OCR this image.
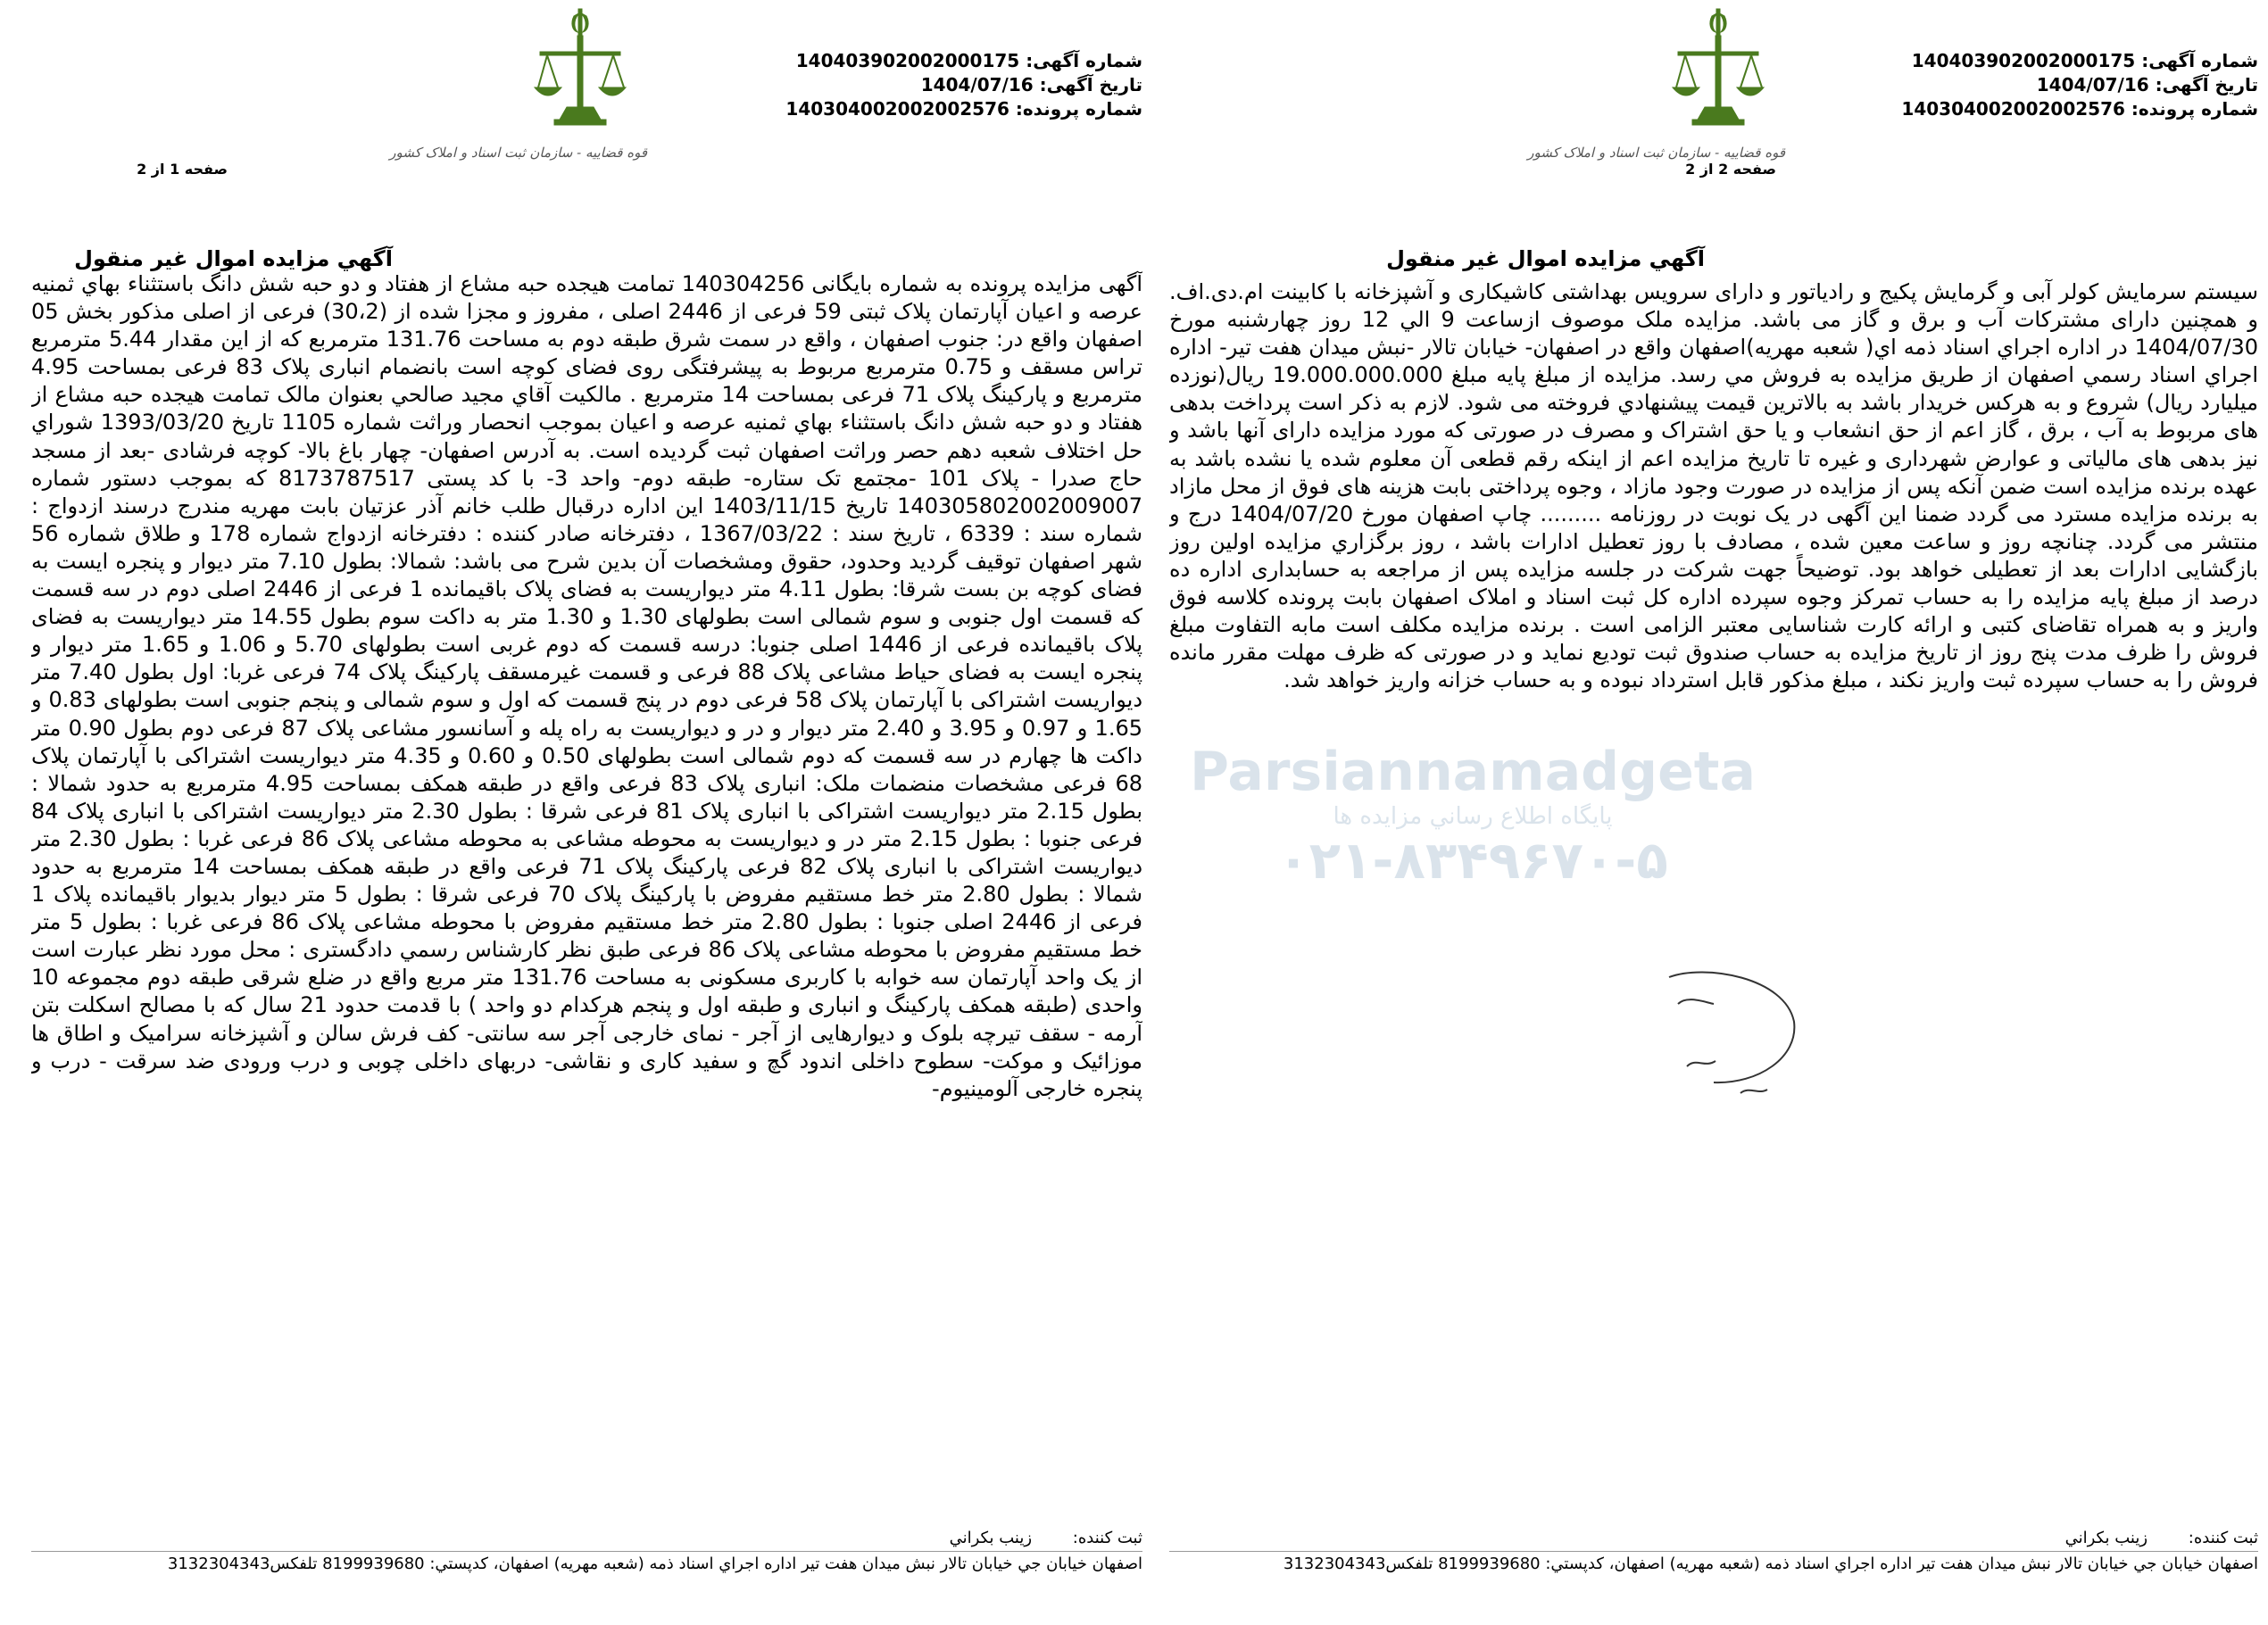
شماره آگهی: 140403902002000175
تاریخ آگهی: 1404/07/16
شماره پرونده: 140304002002002576
قوه قضاییه - سازمان ثبت اسناد و املاک کشور
صفحه 1 از 2
آگهي مزايده اموال غير منقول
آگهی مزایده پرونده به شماره بایگانی 140304256 تمامت هیجده حبه مشاع از هفتاد و دو حبه شش دانگ باستثناء بهاي ثمنيه عرصه و اعيان آپارتمان پلاک ثبتی 59 فرعی از 2446 اصلی ، مفروز و مجزا شده از (30،2) فرعی از اصلی مذکور بخش 05 اصفهان واقع در: جنوب اصفهان ، واقع در سمت شرق طبقه دوم به مساحت 131.76 مترمربع که از این مقدار 5.44 مترمربع تراس مسقف و 0.75 مترمربع مربوط به پیشرفتگی روی فضای کوچه است بانضمام انباری پلاک 83 فرعی بمساحت 4.95 مترمربع و پارکینگ پلاک 71 فرعی بمساحت 14 مترمربع . مالکیت آقاي مجيد صالحي بعنوان مالک تمامت هیجده حبه مشاع از هفتاد و دو حبه شش دانگ باستثناء بهاي ثمنيه عرصه و اعيان بموجب انحصار وراثت شماره 1105 تاريخ 1393/03/20 شوراي حل اختلاف شعبه دهم حصر وراثت اصفهان ثبت گرديده است. به آدرس اصفهان- چهار باغ بالا- کوچه فرشادی -بعد از مسجد حاج صدرا - پلاک 101 -مجتمع تک ستاره- طبقه دوم- واحد 3- با کد پستی 8173787517 که بموجب دستور شماره 140305802002009007 تاریخ 1403/11/15 این اداره درقبال طلب خانم آذر عزتیان بابت مهریه مندرج درسند ازدواج : شماره سند : 6339 ، تاريخ سند : 1367/03/22 ، دفترخانه صادر کننده : دفترخانه ازدواج شماره 178 و طلاق شماره 56 شهر اصفهان توقیف گردید وحدود، حقوق ومشخصات آن بدین شرح می باشد: شمالا: بطول 7.10 متر دیوار و پنجره ایست به فضای کوچه بن بست شرقا: بطول 4.11 متر دیواریست به فضای پلاک باقیمانده 1 فرعی از 2446 اصلی دوم در سه قسمت که قسمت اول جنوبی و سوم شمالی است بطولهای 1.30 و 1.30 متر به داکت سوم بطول 14.55 متر دیواریست به فضای پلاک باقیمانده فرعی از 1446 اصلی جنوبا: درسه قسمت که دوم غربی است بطولهای 5.70 و 1.06 و 1.65 متر دیوار و پنجره ایست به فضای حیاط مشاعی پلاک 88 فرعی و قسمت غیرمسقف پارکینگ پلاک 74 فرعی غربا: اول بطول 7.40 متر دیواریست اشتراکی با آپارتمان پلاک 58 فرعی دوم در پنج قسمت که اول و سوم شمالی و پنجم جنوبی است بطولهای 0.83 و 1.65 و 0.97 و 3.95 و 2.40 متر دیوار و در و دیواریست به راه پله و آسانسور مشاعی پلاک 87 فرعی دوم بطول 0.90 متر داکت ها چهارم در سه قسمت که دوم شمالی است بطولهای 0.50 و 0.60 و 4.35 متر دیواریست اشتراکی با آپارتمان پلاک 68 فرعی مشخصات منضمات ملک: انباری پلاک 83 فرعی واقع در طبقه همکف بمساحت 4.95 مترمربع به حدود شمالا : بطول 2.15 متر دیواریست اشتراکی با انباری پلاک 81 فرعی شرقا : بطول 2.30 متر دیواریست اشتراکی با انباری پلاک 84 فرعی جنوبا : بطول 2.15 متر در و دیواریست به محوطه مشاعی به محوطه مشاعی پلاک 86 فرعی غربا : بطول 2.30 متر دیواریست اشتراکی با انباری پلاک 82 فرعی پارکینگ پلاک 71 فرعی واقع در طبقه همکف بمساحت 14 مترمربع به حدود شمالا : بطول 2.80 متر خط مستقیم مفروض با پارکینگ پلاک 70 فرعی شرقا : بطول 5 متر دیوار بدیوار باقیمانده پلاک 1 فرعی از 2446 اصلی جنوبا : بطول 2.80 متر خط مستقیم مفروض با محوطه مشاعی پلاک 86 فرعی غربا : بطول 5 متر خط مستقیم مفروض با محوطه مشاعی پلاک 86 فرعی طبق نظر کارشناس رسمي دادگستری : محل مورد نظر عبارت است از یک واحد آپارتمان سه خوابه با کاربری مسکونی به مساحت 131.76 متر مربع واقع در ضلع شرقی طبقه دوم مجموعه 10 واحدی (طبقه همکف پارکینگ و انباری و طبقه اول و پنجم هرکدام دو واحد ) با قدمت حدود 21 سال که با مصالح اسکلت بتن آرمه - سقف تیرچه بلوک و دیوارهایی از آجر - نمای خارجی آجر سه سانتی- کف فرش سالن و آشپزخانه سرامیک و اطاق ها موزائیک و موکت- سطوح داخلی اندود گچ و سفید کاری و نقاشی- دربهای داخلی چوبی و درب ورودی ضد سرقت - درب و پنجره خارجی آلومینیوم-
ثبت کننده: زينب بکراني
اصفهان خيابان جي خيابان تالار نبش ميدان هفت تير اداره اجراي اسناد ذمه (شعبه مهريه) اصفهان، کدپستي: 8199939680 تلفکس3132304343
شماره آگهی: 140403902002000175
تاریخ آگهی: 1404/07/16
شماره پرونده: 140304002002002576
قوه قضاییه - سازمان ثبت اسناد و املاک کشور
صفحه 2 از 2
آگهي مزايده اموال غير منقول
سیستم سرمایش کولر آبی و گرمایش پکیج و رادیاتور و دارای سرویس بهداشتی کاشیکاری و آشپزخانه با کابینت ام.دی.اف. و همچنین دارای مشترکات آب و برق و گاز می باشد. مزایده ملک موصوف ازساعت 9 الي 12 روز چهارشنبه مورخ 1404/07/30 در اداره اجراي اسناد ذمه اي( شعبه مهريه)اصفهان واقع در اصفهان- خيابان تالار -نبش ميدان هفت تير- اداره اجراي اسناد رسمي اصفهان از طريق مزايده به فروش مي رسد. مزايده از مبلغ پايه مبلغ 19.000.000.000 ريال(نوزده ميليارد ريال) شروع و به هرکس خريدار باشد به بالاترين قيمت پيشنهادي فروخته مى شود. لازم به ذکر است پرداخت بدهى هاى مربوط به آب ، برق ، گاز اعم از حق انشعاب و يا حق اشتراک و مصرف در صورتى که مورد مزايده داراى آنها باشد و نيز بدهى هاى مالياتى و عوارض شهردارى و غيره تا تاريخ مزايده اعم از اينکه رقم قطعى آن معلوم شده يا نشده باشد به عهده برنده مزايده است ضمن آنکه پس از مزايده در صورت وجود مازاد ، وجوه پرداختى بابت هزينه هاى فوق از محل مازاد به برنده مزايده مسترد مى گردد ضمنا اين آگهى در يک نوبت در روزنامه ......... چاپ اصفهان مورخ 1404/07/20 درج و منتشر مى گردد. چنانچه روز و ساعت معين شده ، مصادف با روز تعطيل ادارات باشد ، روز برگزاري مزايده اولين روز بازگشايى ادارات بعد از تعطيلى خواهد بود. توضيحاً جهت شرکت در جلسه مزايده پس از مراجعه به حسابدارى اداره ده درصد از مبلغ پايه مزايده را به حساب تمرکز وجوه سپرده اداره کل ثبت اسناد و املاک اصفهان بابت پرونده کلاسه فوق واريز و به همراه تقاضاى کتبى و ارائه کارت شناسايى معتبر الزامى است . برنده مزايده مکلف است مابه التفاوت مبلغ فروش را ظرف مدت پنج روز از تاريخ مزايده به حساب صندوق ثبت توديع نمايد و در صورتى که ظرف مهلت مقرر مانده فروش را به حساب سپرده ثبت واريز نکند ، مبلغ مذکور قابل استرداد نبوده و به حساب خزانه واريز خواهد شد.
ثبت کننده: زينب بکراني
اصفهان خيابان جي خيابان تالار نبش ميدان هفت تير اداره اجراي اسناد ذمه (شعبه مهريه) اصفهان، کدپستي: 8199939680 تلفکس3132304343
Parsiannamadgeta
پايگاه اطلاع رساني مزايده ها
۰۲۱-۸۳۴۹۶۷۰-۵
